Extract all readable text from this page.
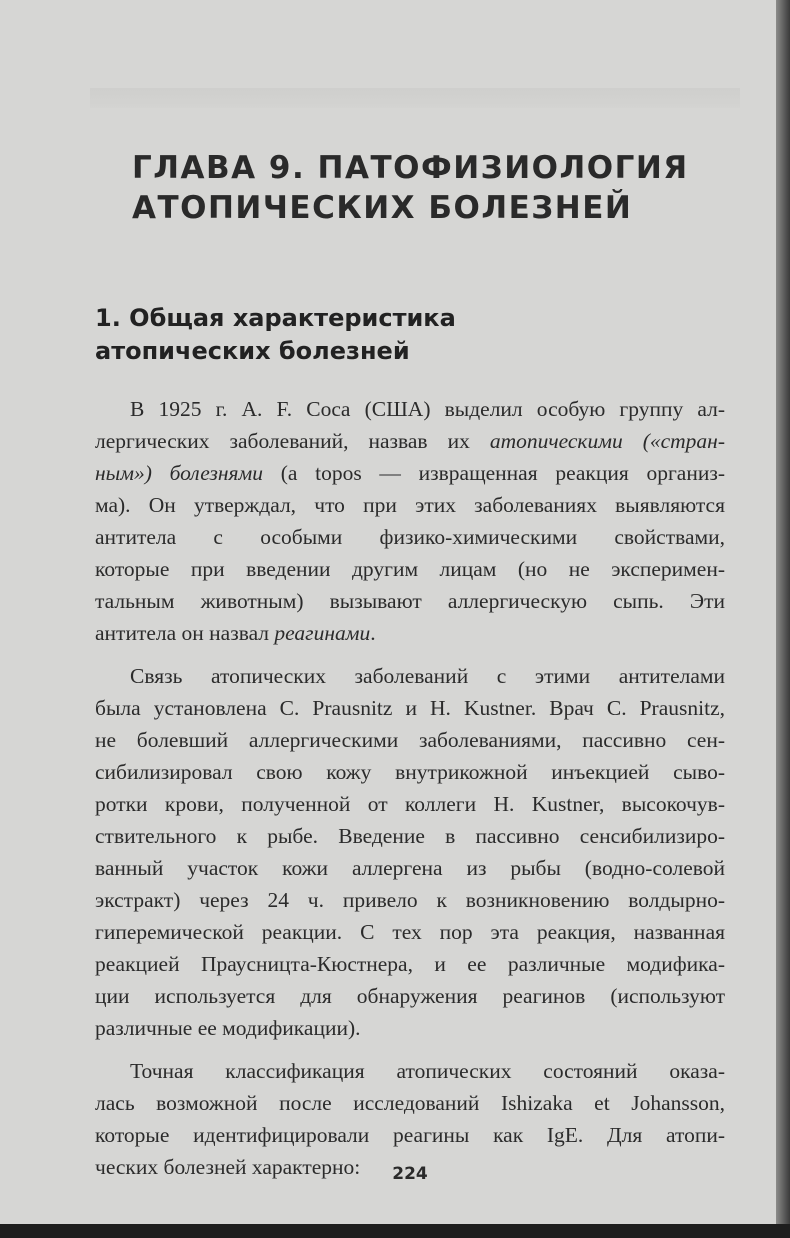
ГЛАВА 9. ПАТОФИЗИОЛОГИЯ
АТОПИЧЕСКИХ БОЛЕЗНЕЙ
1. Общая характеристика
атопических болезней
В 1925 г. A. F. Coca (США) выделил особую группу ал-
лергических заболеваний, назвав их атопическими («стран-
ным») болезнями (а topos — извращенная реакция организ-
ма). Он утверждал, что при этих заболеваниях выявляются
антитела с особыми физико-химическими свойствами,
которые при введении другим лицам (но не эксперимен-
тальным животным) вызывают аллергическую сыпь. Эти
антитела он назвал реагинами.
Связь атопических заболеваний с этими антителами
была установлена C. Prausnitz и H. Kustner. Врач C. Prausnitz,
не болевший аллергическими заболеваниями, пассивно сен-
сибилизировал свою кожу внутрикожной инъекцией сыво-
ротки крови, полученной от коллеги H. Kustner, высокочув-
ствительного к рыбе. Введение в пассивно сенсибилизиро-
ванный участок кожи аллергена из рыбы (водно-солевой
экстракт) через 24 ч. привело к возникновению волдырно-
гиперемической реакции. С тех пор эта реакция, названная
реакцией Праусницта-Кюстнера, и ее различные модифика-
ции используется для обнаружения реагинов (используют
различные ее модификации).
Точная классификация атопических состояний оказа-
лась возможной после исследований Ishizaka et Johansson,
которые идентифицировали реагины как IgE. Для атопи-
ческих болезней характерно:	224
